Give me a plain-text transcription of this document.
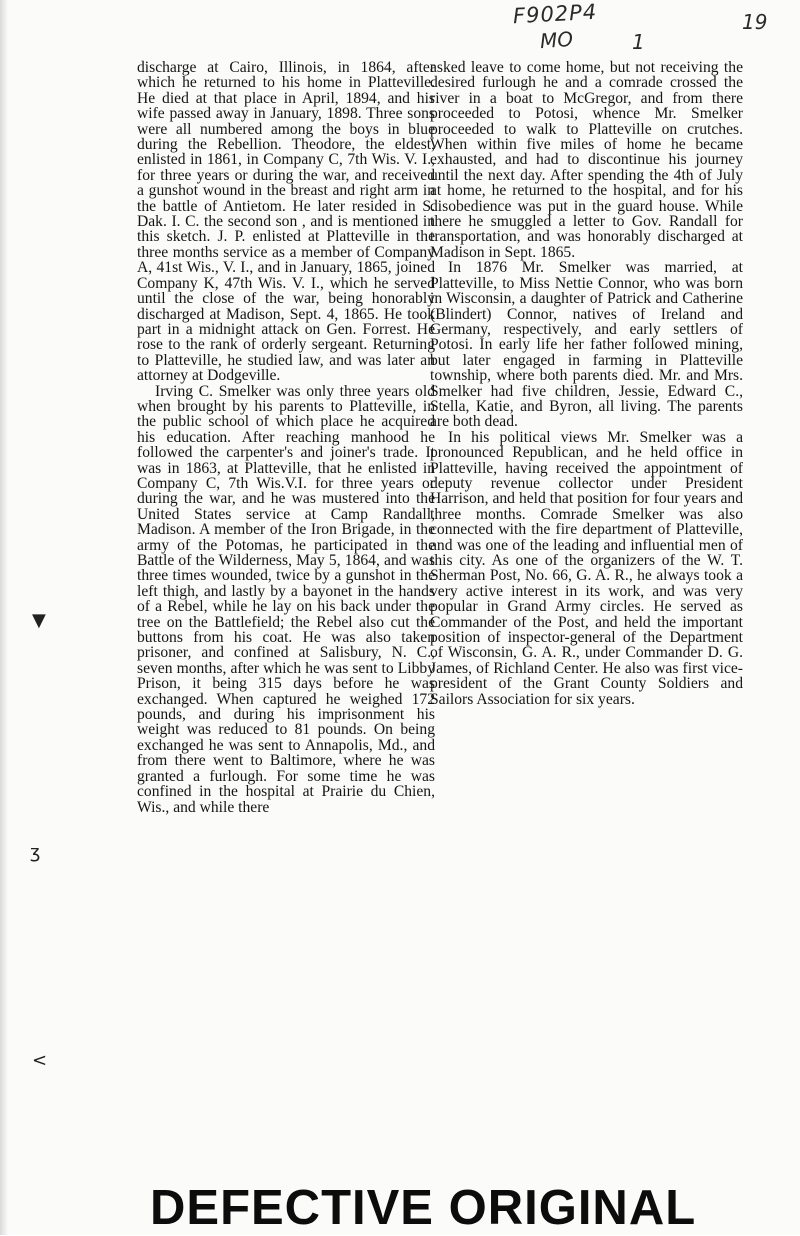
F902P4
MO	1
19
▼
ʒ
<

discharge at Cairo, Illinois, in 1864, after which he returned to his home in Platteville. He died at that place in April, 1894, and his wife passed away in January, 1898. Three sons were all numbered among the boys in blue during the Rebellion. Theodore, the eldest, enlisted in 1861, in Company C, 7th Wis. V. I., for three years or during the war, and received a gunshot wound in the breast and right arm in the battle of Antietom. He later resided in S. Dak. I. C. the second son , and is mentioned in this sketch. J. P. enlisted at Platteville in the three months service as a member of Company A, 41st Wis., V. I., and in January, 1865, joined Company K, 47th Wis. V. I., which he served until the close of the war, being honorably discharged at Madison, Sept. 4, 1865. He took part in a midnight attack on Gen. Forrest. He rose to the rank of orderly sergeant. Returning to Platteville, he studied law, and was later an attorney at Dodgeville.

Irving C. Smelker was only three years old when brought by his parents to Platteville, in the public school of which place he acquired his education. After reaching manhood he followed the carpenter's and joiner's trade. It was in 1863, at Platteville, that he enlisted in Company C, 7th Wis.V.I. for three years or during the war, and he was mustered into the United States service at Camp Randall, Madison. A member of the Iron Brigade, in the army of the Potomas, he participated in the Battle of the Wilderness, May 5, 1864, and was three times wounded, twice by a gunshot in the left thigh, and lastly by a bayonet in the hands of a Rebel, while he lay on his back under the tree on the Battlefield; the Rebel also cut the buttons from his coat. He was also taken prisoner, and confined at Salisbury, N. C., seven months, after which he was sent to Libby Prison, it being 315 days before he was exchanged. When captured he weighed 172 pounds, and during his imprisonment his weight was reduced to 81 pounds. On being exchanged he was sent to Annapolis, Md., and from there went to Baltimore, where he was granted a furlough. For some time he was confined in the hospital at Prairie du Chien, Wis., and while there

asked leave to come home, but not receiving the desired furlough he and a comrade crossed the river in a boat to McGregor, and from there proceeded to Potosi, whence Mr. Smelker proceeded to walk to Platteville on crutches. When within five miles of home he became exhausted, and had to discontinue his journey until the next day. After spending the 4th of July at home, he returned to the hospital, and for his disobedience was put in the guard house. While there he smuggled a letter to Gov. Randall for transportation, and was honorably discharged at Madison in Sept. 1865.

In 1876 Mr. Smelker was married, at Platteville, to Miss Nettie Connor, who was born in Wisconsin, a daughter of Patrick and Catherine (Blindert) Connor, natives of Ireland and Germany, respectively, and early settlers of Potosi. In early life her father followed mining, but later engaged in farming in Platteville township, where both parents died. Mr. and Mrs. Smelker had five children, Jessie, Edward C., Stella, Katie, and Byron, all living. The parents are both dead.

In his political views Mr. Smelker was a pronounced Republican, and he held office in Platteville, having received the appointment of deputy revenue collector under President Harrison, and held that position for four years and three months. Comrade Smelker was also connected with the fire department of Platteville, and was one of the leading and influential men of this city. As one of the organizers of the W. T. Sherman Post, No. 66, G. A. R., he always took a very active interest in its work, and was very popular in Grand Army circles. He served as Commander of the Post, and held the important position of inspector-general of the Department of Wisconsin, G. A. R., under Commander D. G. James, of Richland Center. He also was first vice-president of the Grant County Soldiers and Sailors Association for six years.

DEFECTIVE ORIGINAL
